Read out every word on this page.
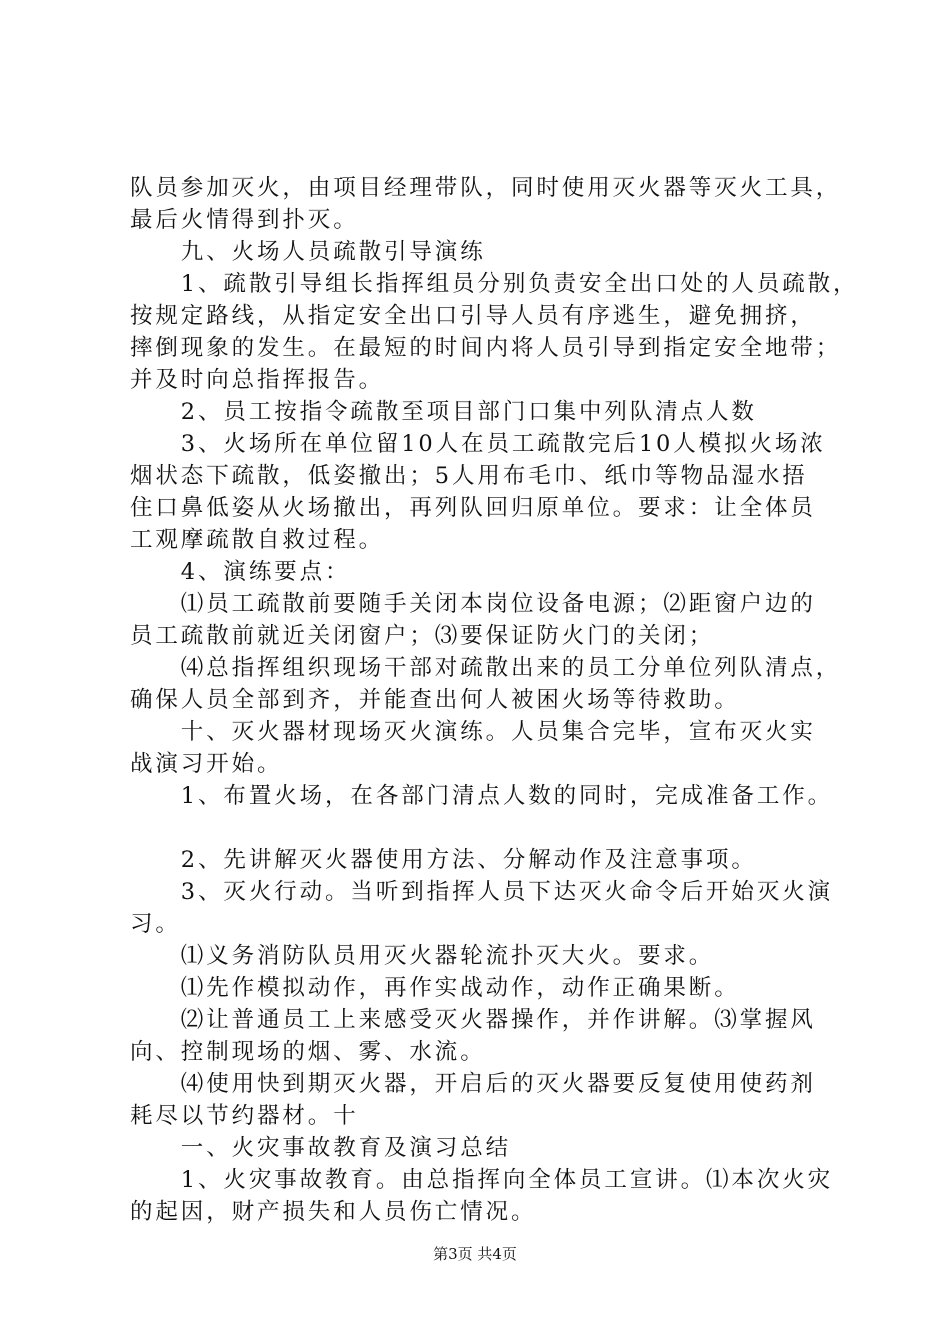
队员参加灭火，由项目经理带队，同时使用灭火器等灭火工具，
最后火情得到扑灭。
　　九、火场人员疏散引导演练
　　1、疏散引导组长指挥组员分别负责安全出口处的人员疏散，
按规定路线，从指定安全出口引导人员有序逃生，避免拥挤，
摔倒现象的发生。在最短的时间内将人员引导到指定安全地带；
并及时向总指挥报告。
　　2、员工按指令疏散至项目部门口集中列队清点人数
　　3、火场所在单位留10人在员工疏散完后10人模拟火场浓
烟状态下疏散，低姿撤出；5人用布毛巾、纸巾等物品湿水捂
住口鼻低姿从火场撤出，再列队回归原单位。要求：让全体员
工观摩疏散自救过程。
　　4、演练要点：
　　⑴员工疏散前要随手关闭本岗位设备电源；⑵距窗户边的
员工疏散前就近关闭窗户；⑶要保证防火门的关闭；
　　⑷总指挥组织现场干部对疏散出来的员工分单位列队清点，
确保人员全部到齐，并能查出何人被困火场等待救助。
　　十、灭火器材现场灭火演练。人员集合完毕，宣布灭火实
战演习开始。
　　1、布置火场，在各部门清点人数的同时，完成准备工作。
　　2、先讲解灭火器使用方法、分解动作及注意事项。
　　3、灭火行动。当听到指挥人员下达灭火命令后开始灭火演
习。
　　⑴义务消防队员用灭火器轮流扑灭大火。要求。
　　⑴先作模拟动作，再作实战动作，动作正确果断。
　　⑵让普通员工上来感受灭火器操作，并作讲解。⑶掌握风
向、控制现场的烟、雾、水流。
　　⑷使用快到期灭火器，开启后的灭火器要反复使用使药剂
耗尽以节约器材。十
　　一、火灾事故教育及演习总结
　　1、火灾事故教育。由总指挥向全体员工宣讲。⑴本次火灾
的起因，财产损失和人员伤亡情况。
第3页 共4页
